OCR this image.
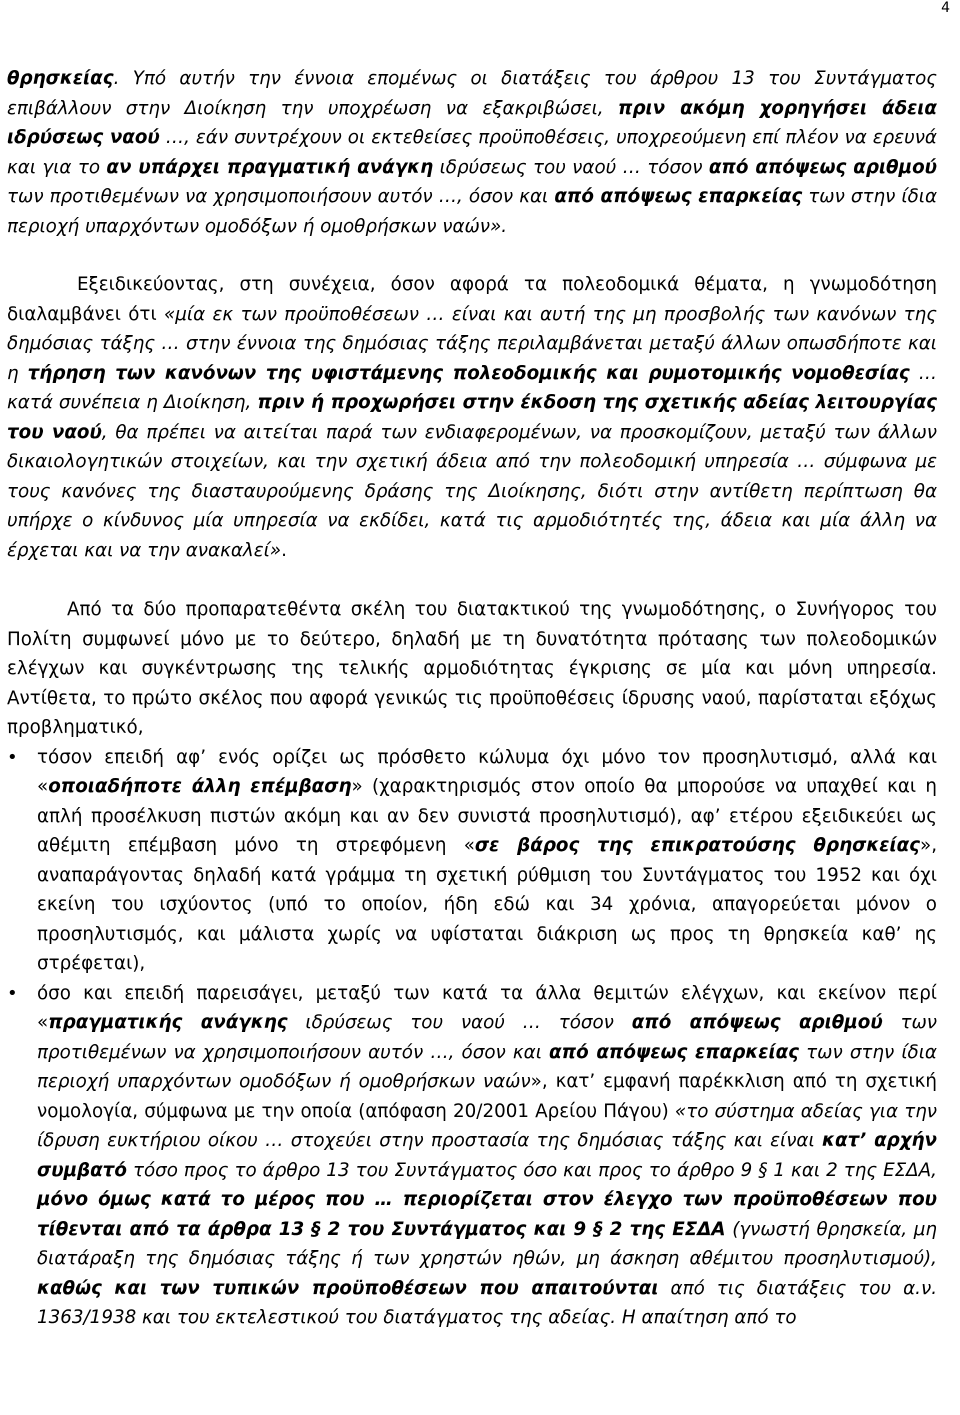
4

θρησκείας. Υπό αυτήν την έννοια επομένως οι διατάξεις του άρθρου 13 του Συντάγματος επιβάλλουν στην Διοίκηση την υποχρέωση να εξακριβώσει, πριν ακόμη χορηγήσει άδεια ιδρύσεως ναού …, εάν συντρέχουν οι εκτεθείσες προϋποθέσεις, υποχρεούμενη επί πλέον να ερευνά και για το αν υπάρχει πραγματική ανάγκη ιδρύσεως του ναού … τόσον από απόψεως αριθμού των προτιθεμένων να χρησιμοποιήσουν αυτόν …, όσον και από απόψεως επαρκείας των στην ίδια περιοχή υπαρχόντων ομοδόξων ή ομοθρήσκων ναών».

Εξειδικεύοντας, στη συνέχεια, όσον αφορά τα πολεοδομικά θέματα, η γνωμοδότηση διαλαμβάνει ότι «μία εκ των προϋποθέσεων … είναι και αυτή της μη προσβολής των κανόνων της δημόσιας τάξης … στην έννοια της δημόσιας τάξης περιλαμβάνεται μεταξύ άλλων οπωσδήποτε και η τήρηση των κανόνων της υφιστάμενης πολεοδομικής και ρυμοτομικής νομοθεσίας … κατά συνέπεια η Διοίκηση, πριν ή προχωρήσει στην έκδοση της σχετικής αδείας λειτουργίας του ναού, θα πρέπει να αιτείται παρά των ενδιαφερομένων, να προσκομίζουν, μεταξύ των άλλων δικαιολογητικών στοιχείων, και την σχετική άδεια από την πολεοδομική υπηρεσία … σύμφωνα με τους κανόνες της διασταυρούμενης δράσης της Διοίκησης, διότι στην αντίθετη περίπτωση θα υπήρχε ο κίνδυνος μία υπηρεσία να εκδίδει, κατά τις αρμοδιότητές της, άδεια και μία άλλη να έρχεται και να την ανακαλεί».

Από τα δύο προπαρατεθέντα σκέλη του διατακτικού της γνωμοδότησης, ο Συνήγορος του Πολίτη συμφωνεί μόνο με το δεύτερο, δηλαδή με τη δυνατότητα πρότασης των πολεοδομικών ελέγχων και συγκέντρωσης της τελικής αρμοδιότητας έγκρισης σε μία και μόνη υπηρεσία. Αντίθετα, το πρώτο σκέλος που αφορά γενικώς τις προϋποθέσεις ίδρυσης ναού, παρίσταται εξόχως προβληματικό,

• τόσον επειδή αφ’ ενός ορίζει ως πρόσθετο κώλυμα όχι μόνο τον προσηλυτισμό, αλλά και «οποιαδήποτε άλλη επέμβαση» (χαρακτηρισμός στον οποίο θα μπορούσε να υπαχθεί και η απλή προσέλκυση πιστών ακόμη και αν δεν συνιστά προσηλυτισμό), αφ’ ετέρου εξειδικεύει ως αθέμιτη επέμβαση μόνο τη στρεφόμενη «σε βάρος της επικρατούσης θρησκείας», αναπαράγοντας δηλαδή κατά γράμμα τη σχετική ρύθμιση του Συντάγματος του 1952 και όχι εκείνη του ισχύοντος (υπό το οποίον, ήδη εδώ και 34 χρόνια, απαγορεύεται μόνον ο προσηλυτισμός, και μάλιστα χωρίς να υφίσταται διάκριση ως προς τη θρησκεία καθ’ ης στρέφεται),
• όσο και επειδή παρεισάγει, μεταξύ των κατά τα άλλα θεμιτών ελέγχων, και εκείνον περί «πραγματικής ανάγκης ιδρύσεως του ναού … τόσον από απόψεως αριθμού των προτιθεμένων να χρησιμοποιήσουν αυτόν …, όσον και από απόψεως επαρκείας των στην ίδια περιοχή υπαρχόντων ομοδόξων ή ομοθρήσκων ναών», κατ’ εμφανή παρέκκλιση από τη σχετική νομολογία, σύμφωνα με την οποία (απόφαση 20/2001 Αρείου Πάγου) «το σύστημα αδείας για την ίδρυση ευκτήριου οίκου … στοχεύει στην προστασία της δημόσιας τάξης και είναι κατ’ αρχήν συμβατό τόσο προς το άρθρο 13 του Συντάγματος όσο και προς το άρθρο 9 § 1 και 2 της ΕΣΔΑ, μόνο όμως κατά το μέρος που … περιορίζεται στον έλεγχο των προϋποθέσεων που τίθενται από τα άρθρα 13 § 2 του Συντάγματος και 9 § 2 της ΕΣΔΑ (γνωστή θρησκεία, μη διατάραξη της δημόσιας τάξης ή των χρηστών ηθών, μη άσκηση αθέμιτου προσηλυτισμού), καθώς και των τυπικών προϋποθέσεων που απαιτούνται από τις διατάξεις του α.ν. 1363/1938 και του εκτελεστικού του διατάγματος της αδείας. Η απαίτηση από το
